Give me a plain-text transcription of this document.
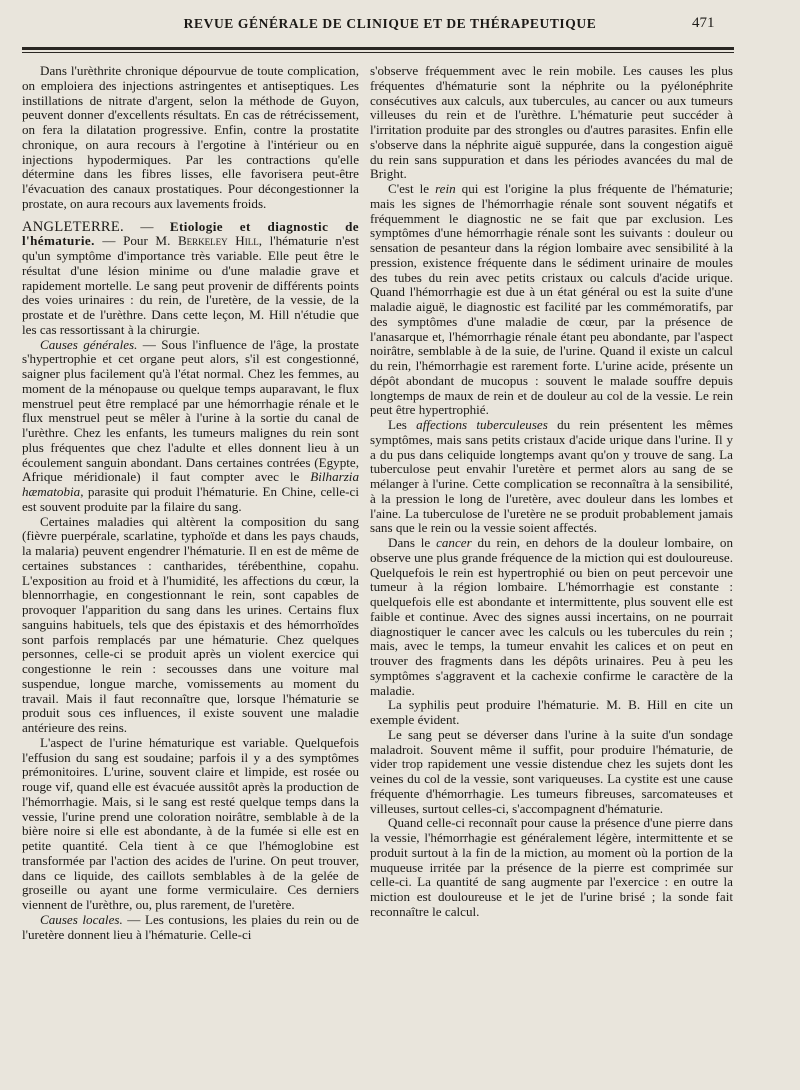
REVUE GÉNÉRALE DE CLINIQUE ET DE THÉRAPEUTIQUE	471

Dans l'urèthrite chronique dépourvue de toute complication, on emploiera des injections astringentes et antiseptiques. Les instillations de nitrate d'argent, selon la méthode de Guyon, peuvent donner d'excellents résultats. En cas de rétrécissement, on fera la dilatation progressive. Enfin, contre la prostatite chronique, on aura recours à l'ergotine à l'intérieur ou en injections hypodermiques. Par les contractions qu'elle détermine dans les fibres lisses, elle favorisera peut-être l'évacuation des canaux prostatiques. Pour décongestionner la prostate, on aura recours aux lavements froids.

ANGLETERRE. — Etiologie et diagnostic de l'hématurie. — Pour M. Berkeley Hill, l'hématurie n'est qu'un symptôme d'importance très variable. Elle peut être le résultat d'une lésion minime ou d'une maladie grave et rapidement mortelle. Le sang peut provenir de différents points des voies urinaires : du rein, de l'uretère, de la vessie, de la prostate et de l'urèthre. Dans cette leçon, M. Hill n'étudie que les cas ressortissant à la chirurgie.

Causes générales. — Sous l'influence de l'âge, la prostate s'hypertrophie et cet organe peut alors, s'il est congestionné, saigner plus facilement qu'à l'état normal. Chez les femmes, au moment de la ménopause ou quelque temps auparavant, le flux menstruel peut être remplacé par une hémorrhagie rénale et le flux menstruel peut se mêler à l'urine à la sortie du canal de l'urèthre. Chez les enfants, les tumeurs malignes du rein sont plus fréquentes que chez l'adulte et elles donnent lieu à un écoulement sanguin abondant. Dans certaines contrées (Egypte, Afrique méridionale) il faut compter avec le Bilharzia hæmatobia, parasite qui produit l'hématurie. En Chine, celle-ci est souvent produite par la filaire du sang.

Certaines maladies qui altèrent la composition du sang (fièvre puerpérale, scarlatine, typhoïde et dans les pays chauds, la malaria) peuvent engendrer l'hématurie. Il en est de même de certaines substances : cantharides, térébenthine, copahu. L'exposition au froid et à l'humidité, les affections du cœur, la blennorrhagie, en congestionnant le rein, sont capables de provoquer l'apparition du sang dans les urines. Certains flux sanguins habituels, tels que des épistaxis et des hémorrhoïdes sont parfois remplacés par une hématurie. Chez quelques personnes, celle-ci se produit après un violent exercice qui congestionne le rein : secousses dans une voiture mal suspendue, longue marche, vomissements au moment du travail. Mais il faut reconnaître que, lorsque l'hématurie se produit sous ces influences, il existe souvent une maladie antérieure des reins.

L'aspect de l'urine hématurique est variable. Quelquefois l'effusion du sang est soudaine; parfois il y a des symptômes prémonitoires. L'urine, souvent claire et limpide, est rosée ou rouge vif, quand elle est évacuée aussitôt après la production de l'hémorrhagie. Mais, si le sang est resté quelque temps dans la vessie, l'urine prend une coloration noirâtre, semblable à de la bière noire si elle est abondante, à de la fumée si elle est en petite quantité. Cela tient à ce que l'hémoglobine est transformée par l'action des acides de l'urine. On peut trouver, dans ce liquide, des caillots semblables à de la gelée de groseille ou ayant une forme vermiculaire. Ces derniers viennent de l'urèthre, ou, plus rarement, de l'uretère.

Causes locales. — Les contusions, les plaies du rein ou de l'uretère donnent lieu à l'hématurie. Celle-ci

s'observe fréquemment avec le rein mobile. Les causes les plus fréquentes d'hématurie sont la néphrite ou la pyélonéphrite consécutives aux calculs, aux tubercules, au cancer ou aux tumeurs villeuses du rein et de l'urèthre. L'hématurie peut succéder à l'irritation produite par des strongles ou d'autres parasites. Enfin elle s'observe dans la néphrite aiguë suppurée, dans la congestion aiguë du rein sans suppuration et dans les périodes avancées du mal de Bright.

C'est le rein qui est l'origine la plus fréquente de l'hématurie; mais les signes de l'hémorrhagie rénale sont souvent négatifs et fréquemment le diagnostic ne se fait que par exclusion. Les symptômes d'une hémorrhagie rénale sont les suivants : douleur ou sensation de pesanteur dans la région lombaire avec sensibilité à la pression, existence fréquente dans le sédiment urinaire de moules des tubes du rein avec petits cristaux ou calculs d'acide urique. Quand l'hémorrhagie est due à un état général ou est la suite d'une maladie aiguë, le diagnostic est facilité par les commémoratifs, par des symptômes d'une maladie de cœur, par la présence de l'anasarque et, l'hémorrhagie rénale étant peu abondante, par l'aspect noirâtre, semblable à de la suie, de l'urine. Quand il existe un calcul du rein, l'hémorrhagie est rarement forte. L'urine acide, présente un dépôt abondant de mucopus : souvent le malade souffre depuis longtemps de maux de rein et de douleur au col de la vessie. Le rein peut être hypertrophié.

Les affections tuberculeuses du rein présentent les mêmes symptômes, mais sans petits cristaux d'acide urique dans l'urine. Il y a du pus dans celiquide longtemps avant qu'on y trouve de sang. La tuberculose peut envahir l'uretère et permet alors au sang de se mélanger à l'urine. Cette complication se reconnaîtra à la sensibilité, à la pression le long de l'uretère, avec douleur dans les lombes et l'aine. La tuberculose de l'uretère ne se produit probablement jamais sans que le rein ou la vessie soient affectés.

Dans le cancer du rein, en dehors de la douleur lombaire, on observe une plus grande fréquence de la miction qui est douloureuse. Quelquefois le rein est hypertrophié ou bien on peut percevoir une tumeur à la région lombaire. L'hémorrhagie est constante : quelquefois elle est abondante et intermittente, plus souvent elle est faible et continue. Avec des signes aussi incertains, on ne pourrait diagnostiquer le cancer avec les calculs ou les tubercules du rein ; mais, avec le temps, la tumeur envahit les calices et on peut en trouver des fragments dans les dépôts urinaires. Peu à peu les symptômes s'aggravent et la cachexie confirme le caractère de la maladie.

La syphilis peut produire l'hématurie. M. B. Hill en cite un exemple évident.

Le sang peut se déverser dans l'urine à la suite d'un sondage maladroit. Souvent même il suffit, pour produire l'hématurie, de vider trop rapidement une vessie distendue chez les sujets dont les veines du col de la vessie, sont variqueuses. La cystite est une cause fréquente d'hémorrhagie. Les tumeurs fibreuses, sarcomateuses et villeuses, surtout celles-ci, s'accompagnent d'hématurie.

Quand celle-ci reconnaît pour cause la présence d'une pierre dans la vessie, l'hémorrhagie est généralement légère, intermittente et se produit surtout à la fin de la miction, au moment où la portion de la muqueuse irritée par la présence de la pierre est comprimée sur celle-ci. La quantité de sang augmente par l'exercice : en outre la miction est douloureuse et le jet de l'urine brisé ; la sonde fait reconnaître le calcul.
